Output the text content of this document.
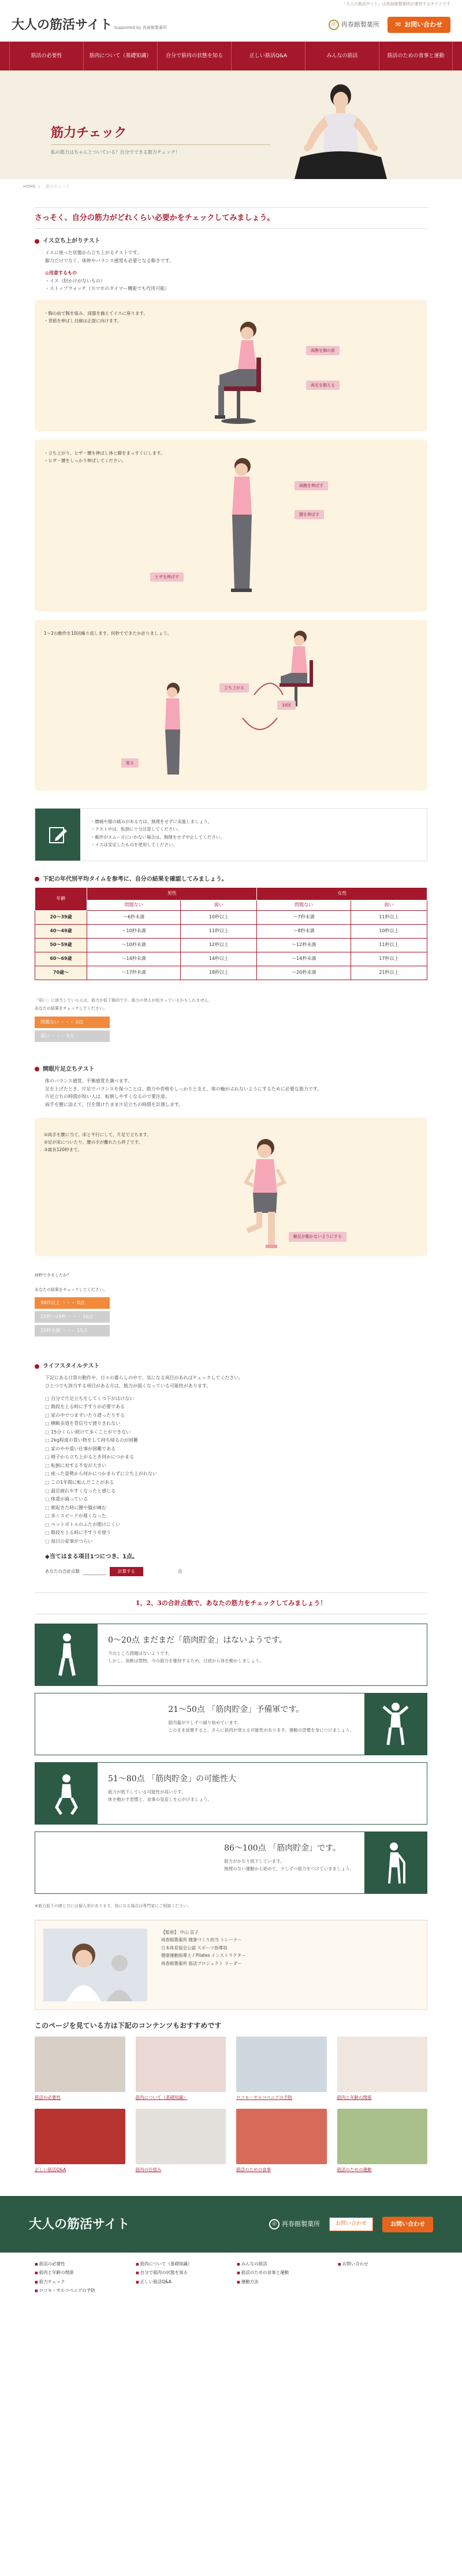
「大人の筋活サイト」は再春館製薬所が運営するサイトです
大人の筋活サイト Supported by 再春館製薬所
◎ 再春館製薬所	✉ お問い合わせ
筋活の必要性	筋肉について（基礎知識）	自分で筋肉の状態を知る	正しい筋活Q&A	みんなの筋活	筋活のための食事と運動
筋力チェック

私の筋力はちゃんとついている？自分でできる筋力チェック！

HOME > 筋力チェック
さっそく、自分の筋力がどれくらい必要かをチェックしてみましょう。
イス立ち上がりテスト

イスに座った状態から立ち上がるテストです。
脚力だけでなく、体幹やバランス感覚も必要となる動きです。

◎用意するもの

・イス（肘かけがないもの）
・ストップウォッチ（スマホのタイマー機能でも代用可能）

・胸の前で腕を組み、両膝を揃えてイスに座ります。
・背筋を伸ばし目線は正面に向けます。

両腕を胸の前
両足を揃える

・立ち上がり、ヒザ・腰を伸ばし体と脚をまっすぐにします。
・ヒザ・腰をしっかり伸ばしてください。

両腕を伸ばす
腰を伸ばす
ヒザを伸ばす

1〜2の動作を10回繰り返します。何秒でできたか計りましょう。

10回
立ち上がる
座る

・腰痛や膝の痛みがある方は、無理をせずに実施しましょう。
・テスト中は、転倒に十分注意してください。
・動作がスムーズにいかない場合は、無理をせず中止してください。
・イスは安定したものを使用してください。

下記の年代別平均タイムを参考に、自分の結果を確認してみましょう。
年齢	男性		女性	
	問題ない	弱い	問題ない	弱い
20〜39歳	〜6秒未満	10秒以上	〜7秒未満	11秒以上
40〜49歳	〜10秒未満	11秒以上	〜8秒未満	10秒以上
50〜59歳	〜10秒未満	12秒以上	〜12秒未満	11秒以上
60〜69歳	〜14秒未満	14秒以上	〜14秒未満	17秒以上
70歳〜	〜17秒未満	18秒以上	〜20秒未満	21秒以上

「弱い」に該当している人は、筋力が低下傾向です。筋力の衰えが始まっているかもしれません。

あなたの結果をチェックしてください。

問題ない ・・・ 0点
弱い ・・・ 5点
開眼片足立ちテスト

体のバランス感覚、平衡感覚を調べます。
足を上げたとき、片足でバランスを保つことは、筋力や骨格をしっかりと支え、体の軸がぶれないようにするために必要な筋力です。
片足立ちの時間が短い人は、転倒しやすくなるので要注意。
両手を腰に添えて、目を開けたまま片足立ちの時間を計測します。

①両手を腰に当て、床と平行にして、片足で立ちます。
②足が床についたり、腰の手が離れたら終了です。
③最長120秒まで。

軸足が動かないようにする

何秒できましたか？

あなたの結果をチェックしてください。

30秒以上 ・・・ 0点
15秒〜29秒 ・・・ 10点
15秒未満 ・・・ 15点
ライフスタイルテスト

下記にある日常の動作や、日々の暮らしの中で、気になる項目があればチェックしてください。
ひとつでも該当する項目がある方は、筋力が弱くなっている可能性があります。

□ 自分で片足立ちをしてくつ下がはけない
□ 階段を上る時に手すりが必要である
□ 家の中でつまずいたり滑ったりする
□ 横断歩道を青信号で渡りきれない
□ 15分くらい続けて歩くことができない
□ 2kg程度の買い物をして持ち帰るのが困難
□ 家のやや重い仕事が困難である
□ 椅子から立ち上がるとき何かにつかまる
□ 転倒に対する不安が大きい
□ 座った姿勢から何かにつかまらずに立ち上がれない
□ この1年間に転んだことがある
□ 最近疲れやすくなったと感じる
□ 体重が減っている
□ 朝起きた時に腰や膝が痛む
□ 歩くスピードが遅くなった
□ ペットボトルのふたが開けにくい
□ 階段を上る時に手すりを使う
□ 毎日の家事がつらい

◆当てはまる項目1つにつき、1点。

あなたの合計点数	計算する	点
1、2、3の合計点数で、あなたの筋力をチェックしてみましょう！

0〜20点 まだまだ「筋肉貯金」はないようです。

今のところ問題はないようです。
しかし、油断は禁物。今の筋力を維持するため、日頃から体を動かしましょう。

21〜50点 「筋肉貯金」予備軍です。

筋肉量が少しずつ減り始めています。
このまま放置すると、さらに筋肉が衰える可能性があります。運動の習慣を身につけましょう。

51〜80点 「筋肉貯金」の可能性大

筋力が低下している可能性が高いです。
体を動かす習慣と、食事の見直しを心がけましょう。

86〜100点 「筋肉貯金」です。

筋力がかなり低下しています。
無理のない運動から始めて、少しずつ筋力をつけていきましょう。

※筋力低下の感じ方には個人差があります。気になる場合は専門家にご相談ください。

【監修】 中山 直子

再春館製薬所 健康づくり担当 トレーナー

日本体育協会公認 スポーツ指導員

健康運動指導士 / Pilates インストラクター

再春館製薬所 筋活プロジェクト リーダー

このページを見ている方は下記のコンテンツもおすすめです

筋活の必要性	筋肉について（基礎知識）	ロコモ・サルコペニアの予防	筋肉と年齢の関係

正しい筋活Q&A	筋肉の仕組み	筋活のための食事	筋活のための運動

大人の筋活サイト	◎ 再春館製薬所	お問い合わせ	お問い合わせ
■ 筋活の必要性	■ 筋肉について（基礎知識）	■ みんなの筋活	■ お問い合わせ
■ 筋肉と年齢の関係	■ 自分で筋肉の状態を知る	■ 筋活のための食事と運動
■ 筋力チェック	■ 正しい筋活Q&A	■ 運動方法
■ ロコモ・サルコペニアの予防
